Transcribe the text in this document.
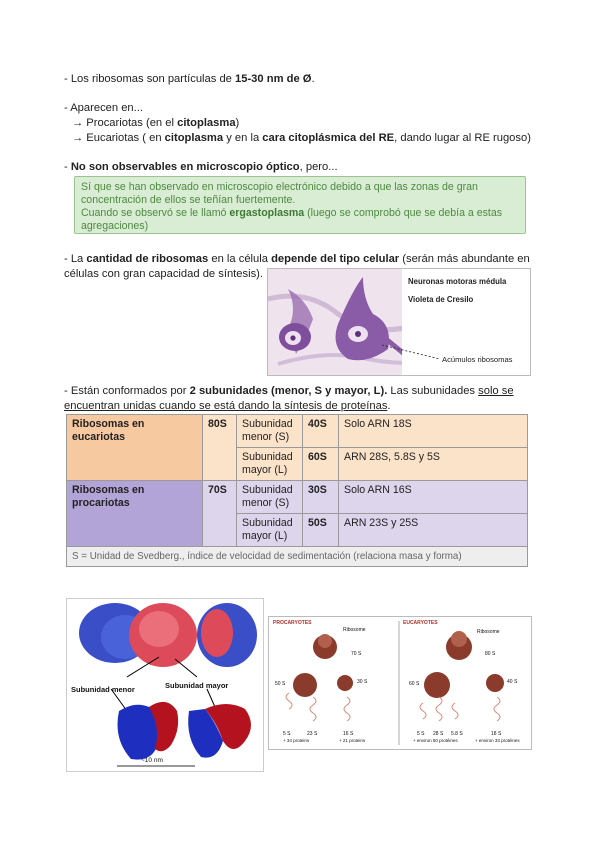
- Los ribosomas son partículas de 15-30 nm de Ø.
- Aparecen en...
→ Procariotas (en el citoplasma)
→ Eucariotas ( en citoplasma y en la cara citoplásmica del RE, dando lugar al RE rugoso)
- No son observables en microscopio óptico, pero...
Sí que se han observado en microscopio electrónico debido a que las zonas de gran
concentración de ellos se teñían fuertemente.
Cuando se observó se le llamó ergastoplasma (luego se comprobó que se debía a estas
agregaciones)
- La cantidad de ribosomas en la célula depende del tipo celular (serán más abundante en
células con gran capacidad de síntesis).
Neuronas motoras médula
Violeta de Cresilo
Acúmulos ribosomas
- Están conformados por 2 subunidades (menor, S y mayor, L). Las subunidades solo se
encuentran unidas cuando se está dando la síntesis de proteínas.
Ribosomas en eucariotas	80S	Subunidad menor (S)	40S	Solo ARN 18S
		Subunidad mayor (L)	60S	ARN 28S, 5.8S y 5S
Ribosomas en procariotas	70S	Subunidad menor (S)	30S	Solo ARN 16S
		Subunidad mayor (L)	50S	ARN 23S y 25S
S = Unidad de Svedberg., índice de velocidad de sedimentación (relaciona masa y forma)				
Subunidad menor	Subunidad mayor
~10 nm
PROCARYOTES	EUCARYOTES
Ribosome	Ribosome
70 S
50 S	30 S
80 S
60 S	40 S
5 S	23 S	16 S
+ 34 proteins	+ 21 proteins
5 S 28 S 5.8 S	18 S
+ environ 50 protéines	+ environ 33 protéines
